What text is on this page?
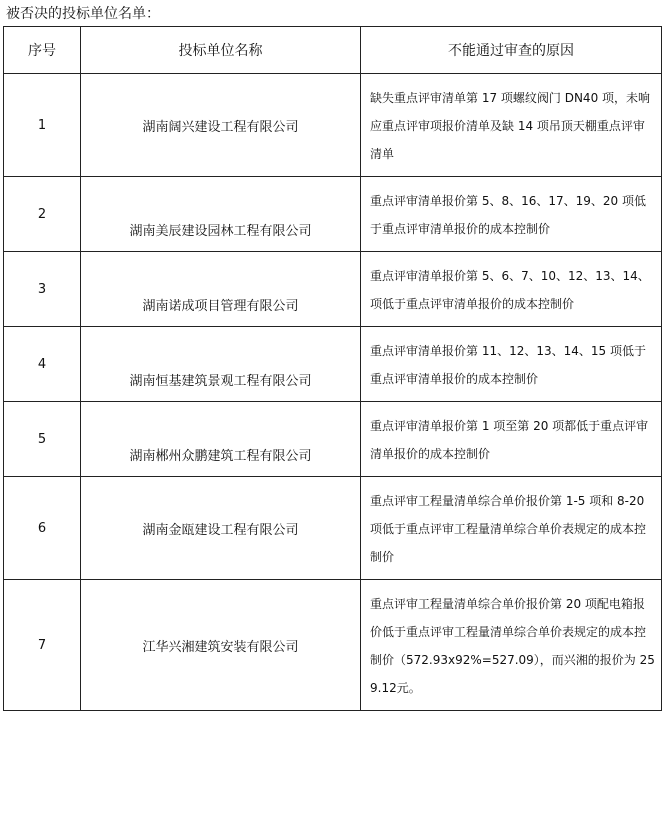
被否决的投标单位名单：
序号	投标单位名称	不能通过审查的原因
1	湖南阔兴建设工程有限公司	缺失重点评审清单第 17 项螺纹阀门 DN40 项，未响应重点评审项报价清单及缺 14 项吊顶天棚重点评审清单
2	湖南美辰建设园林工程有限公司	重点评审清单报价第 5、8、16、17、19、20 项低于重点评审清单报价的成本控制价
3	湖南诺成项目管理有限公司	重点评审清单报价第 5、6、7、10、12、13、14、项低于重点评审清单报价的成本控制价
4	湖南恒基建筑景观工程有限公司	重点评审清单报价第 11、12、13、14、15 项低于重点评审清单报价的成本控制价
5	湖南郴州众鹏建筑工程有限公司	重点评审清单报价第 1 项至第 20 项都低于重点评审清单报价的成本控制价
6	湖南金瓯建设工程有限公司	重点评审工程量清单综合单价报价第 1-5 项和 8-20 项低于重点评审工程量清单综合单价表规定的成本控制价
7	江华兴湘建筑安装有限公司	重点评审工程量清单综合单价报价第 20 项配电箱报价低于重点评审工程量清单综合单价表规定的成本控制价（572.93x92%=527.09），而兴湘的报价为 259.12元。
